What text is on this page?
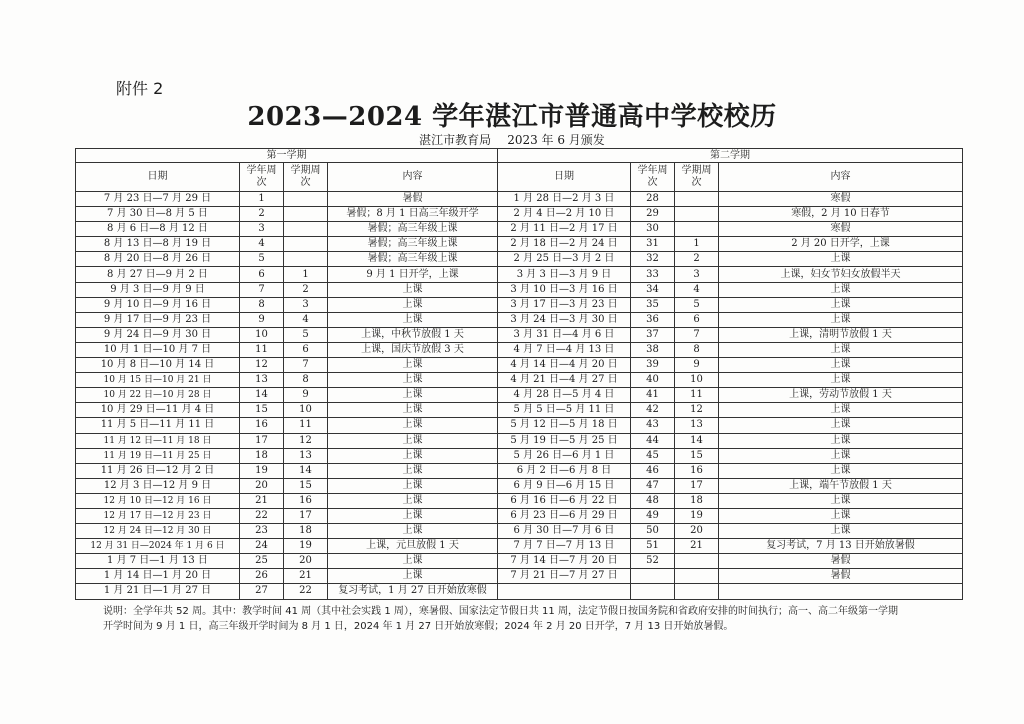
附件 2
2023—2024 学年湛江市普通高中学校校历
湛江市教育局 2023 年 6 月颁发
第一学期				第二学期			
日期	学年周次	学期周次	内容	日期	学年周次	学期周次	内容
7 月 23 日—7 月 29 日	1		暑假	1 月 28 日—2 月 3 日	28		寒假
7 月 30 日—8 月 5 日	2		暑假；8 月 1 日高三年级开学	2 月 4 日—2 月 10 日	29		寒假，2 月 10 日春节
8 月 6 日—8 月 12 日	3		暑假；高三年级上课	2 月 11 日—2 月 17 日	30		寒假
8 月 13 日—8 月 19 日	4		暑假；高三年级上课	2 月 18 日—2 月 24 日	31	1	2 月 20 日开学，上课
8 月 20 日—8 月 26 日	5		暑假；高三年级上课	2 月 25 日—3 月 2 日	32	2	上课
8 月 27 日—9 月 2 日	6	1	9 月 1 日开学，上课	3 月 3 日—3 月 9 日	33	3	上课，妇女节妇女放假半天
9 月 3 日—9 月 9 日	7	2	上课	3 月 10 日—3 月 16 日	34	4	上课
9 月 10 日—9 月 16 日	8	3	上课	3 月 17 日—3 月 23 日	35	5	上课
9 月 17 日—9 月 23 日	9	4	上课	3 月 24 日—3 月 30 日	36	6	上课
9 月 24 日—9 月 30 日	10	5	上课，中秋节放假 1 天	3 月 31 日—4 月 6 日	37	7	上课，清明节放假 1 天
10 月 1 日—10 月 7 日	11	6	上课，国庆节放假 3 天	4 月 7 日—4 月 13 日	38	8	上课
10 月 8 日—10 月 14 日	12	7	上课	4 月 14 日—4 月 20 日	39	9	上课
10 月 15 日—10 月 21 日	13	8	上课	4 月 21 日—4 月 27 日	40	10	上课
10 月 22 日—10 月 28 日	14	9	上课	4 月 28 日—5 月 4 日	41	11	上课，劳动节放假 1 天
10 月 29 日—11 月 4 日	15	10	上课	5 月 5 日—5 月 11 日	42	12	上课
11 月 5 日—11 月 11 日	16	11	上课	5 月 12 日—5 月 18 日	43	13	上课
11 月 12 日—11 月 18 日	17	12	上课	5 月 19 日—5 月 25 日	44	14	上课
11 月 19 日—11 月 25 日	18	13	上课	5 月 26 日—6 月 1 日	45	15	上课
11 月 26 日—12 月 2 日	19	14	上课	6 月 2 日—6 月 8 日	46	16	上课
12 月 3 日—12 月 9 日	20	15	上课	6 月 9 日—6 月 15 日	47	17	上课，端午节放假 1 天
12 月 10 日—12 月 16 日	21	16	上课	6 月 16 日—6 月 22 日	48	18	上课
12 月 17 日—12 月 23 日	22	17	上课	6 月 23 日—6 月 29 日	49	19	上课
12 月 24 日—12 月 30 日	23	18	上课	6 月 30 日—7 月 6 日	50	20	上课
12 月 31 日—2024 年 1 月 6 日	24	19	上课，元旦放假 1 天	7 月 7 日—7 月 13 日	51	21	复习考试，7 月 13 日开始放暑假
1 月 7 日—1 月 13 日	25	20	上课	7 月 14 日—7 月 20 日	52		暑假
1 月 14 日—1 月 20 日	26	21	上课	7 月 21 日—7 月 27 日			暑假
1 月 21 日—1 月 27 日	27	22	复习考试，1 月 27 日开始放寒假				
说明：全学年共 52 周。其中：教学时间 41 周（其中社会实践 1 周），寒暑假、国家法定节假日共 11 周，法定节假日按国务院和省政府安排的时间执行；高一、高二年级第一学期
开学时间为 9 月 1 日，高三年级开学时间为 8 月 1 日，2024 年 1 月 27 日开始放寒假；2024 年 2 月 20 日开学，7 月 13 日开始放暑假。
